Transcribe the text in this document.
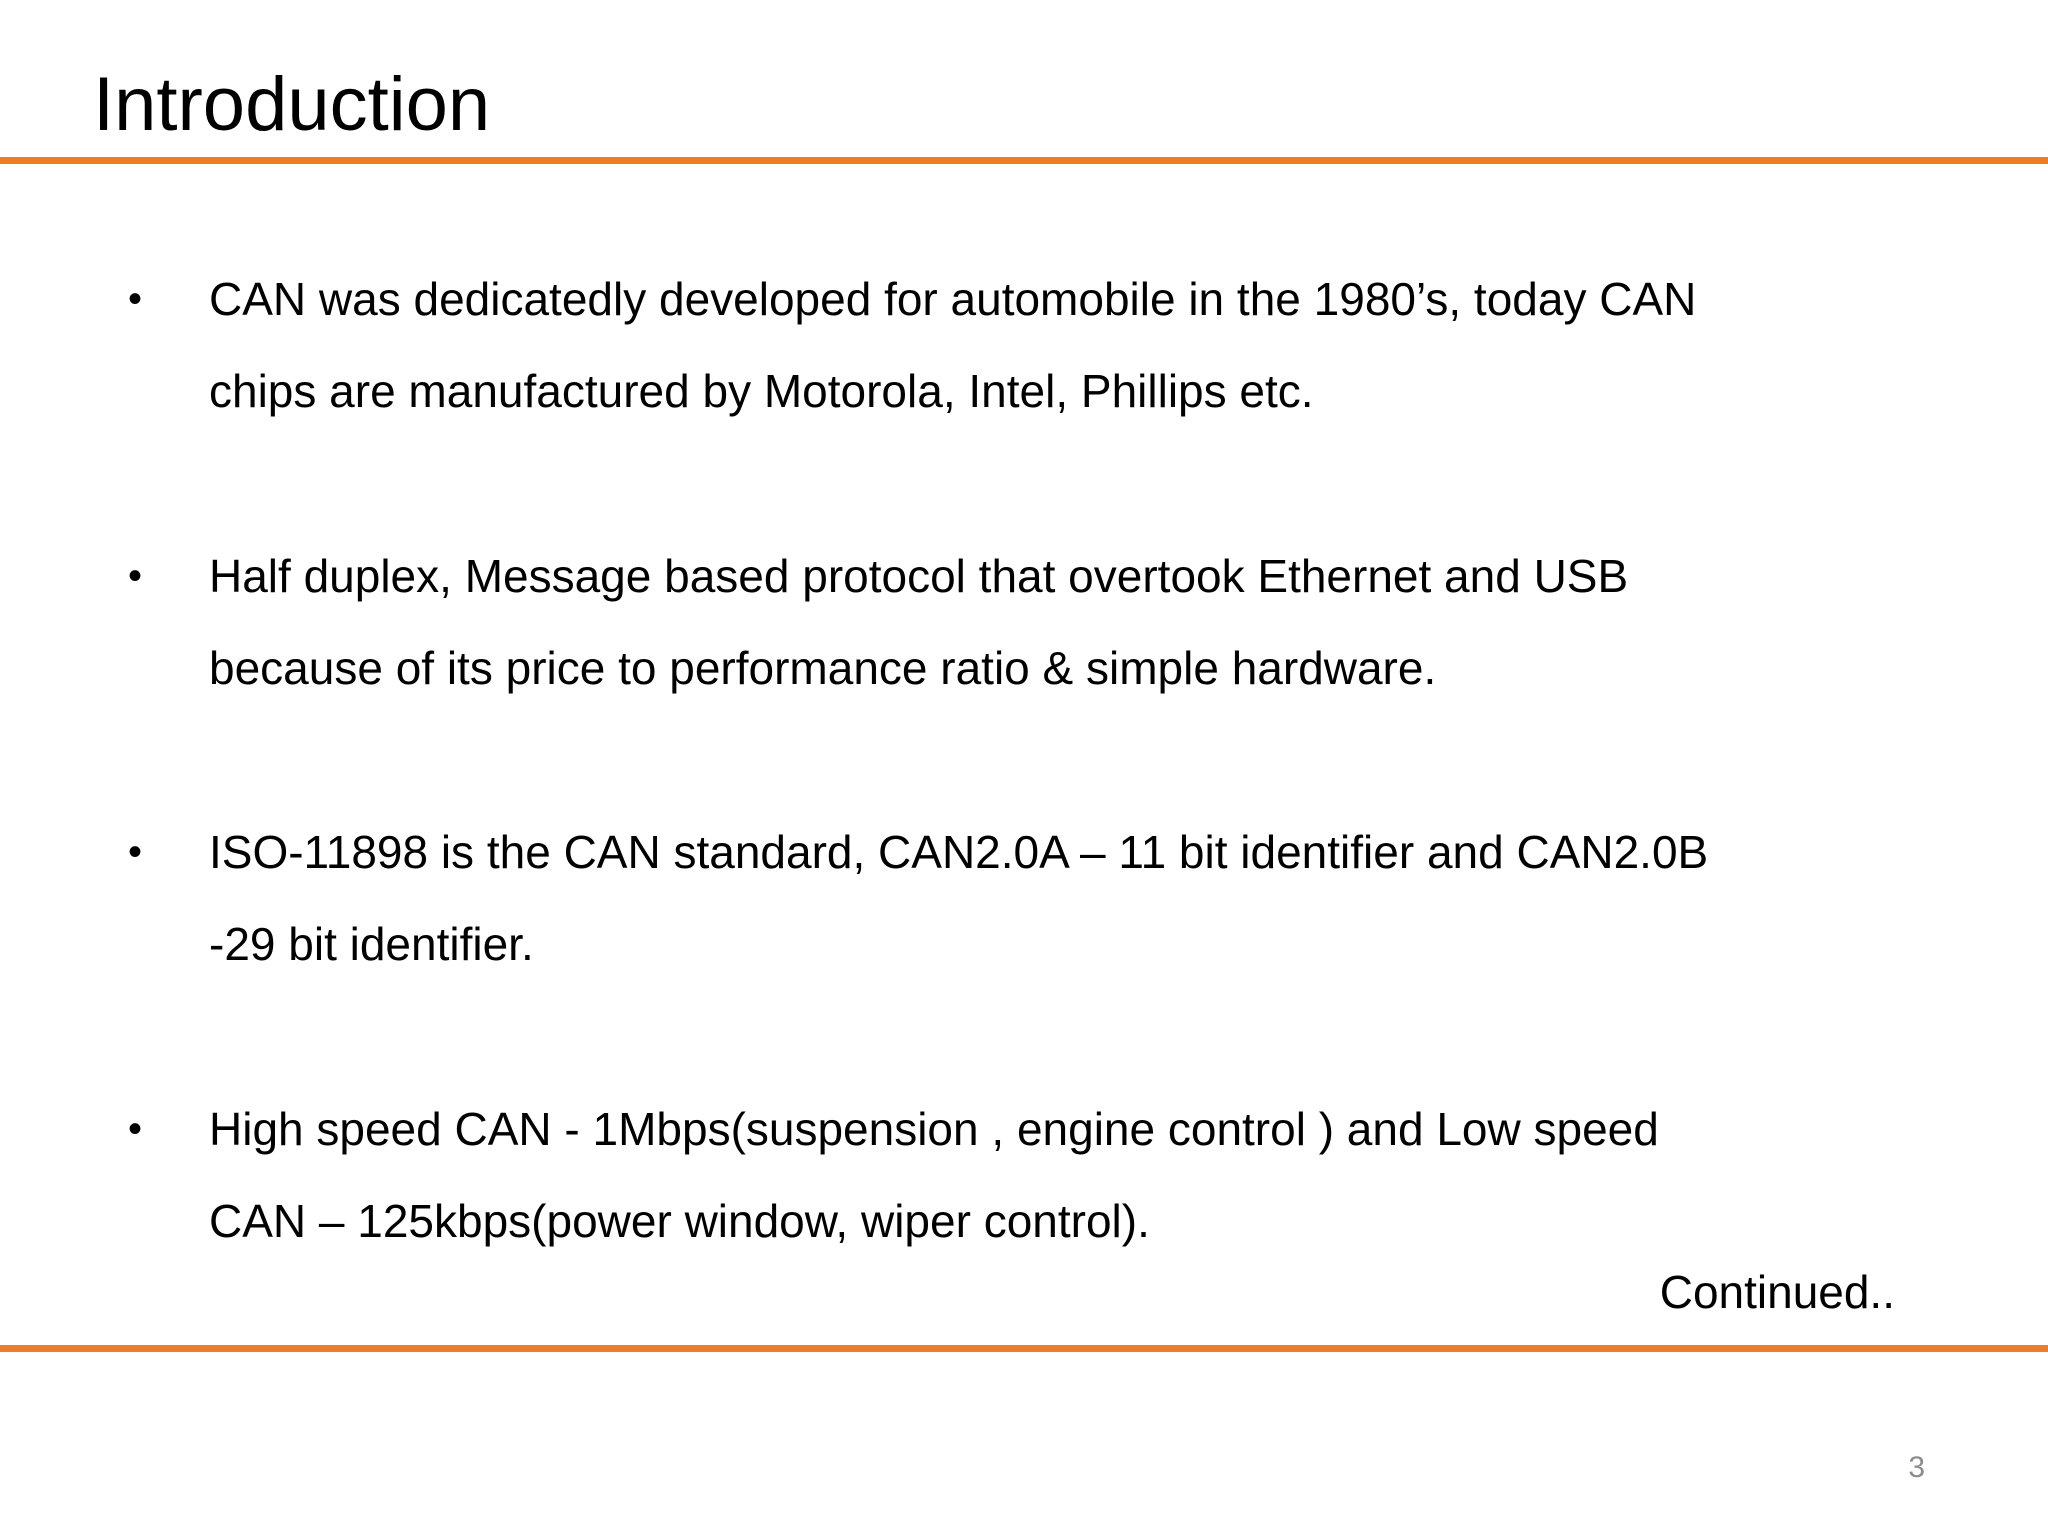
Introduction
•	CAN was dedicatedly developed for automobile in the 1980’s, today CAN
chips are manufactured by Motorola, Intel, Phillips etc.
•	Half duplex, Message based protocol that overtook Ethernet and USB
because of its price to performance ratio & simple hardware.
•	ISO-11898 is the CAN standard, CAN2.0A – 11 bit identifier and CAN2.0B
-29 bit identifier.
•	High speed CAN - 1Mbps(suspension , engine control ) and Low speed
CAN – 125kbps(power window, wiper control).
Continued..
3
